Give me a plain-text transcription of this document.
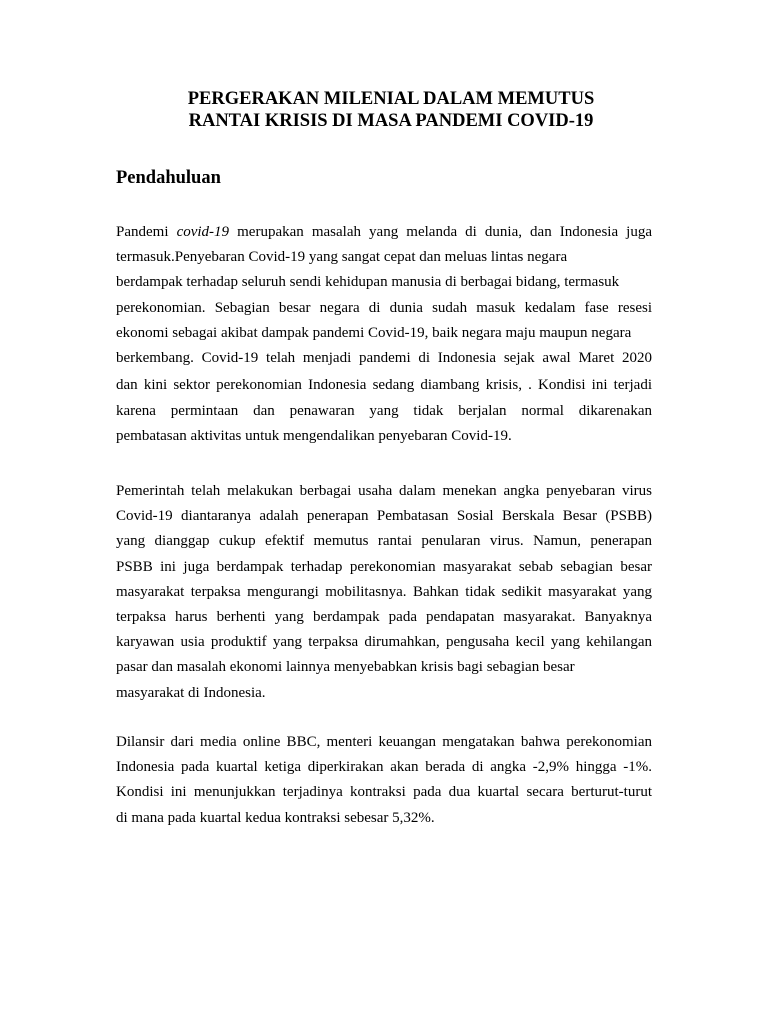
PERGERAKAN MILENIAL DALAM MEMUTUS
RANTAI KRISIS DI MASA PANDEMI COVID-19
Pendahuluan
Pandemi covid-19 merupakan masalah yang melanda di dunia, dan Indonesia juga
termasuk.Penyebaran Covid-19 yang sangat cepat dan meluas lintas negara
berdampak terhadap seluruh sendi kehidupan manusia di berbagai bidang, termasuk
perekonomian. Sebagian besar negara di dunia sudah masuk kedalam fase resesi
ekonomi sebagai akibat dampak pandemi Covid-19, baik negara maju maupun negara
berkembang. Covid-19 telah menjadi pandemi di Indonesia sejak awal Maret 2020
dan kini sektor perekonomian Indonesia sedang diambang krisis, . Kondisi ini terjadi
karena permintaan dan penawaran yang tidak berjalan normal dikarenakan
pembatasan aktivitas untuk mengendalikan penyebaran Covid-19.
Pemerintah telah melakukan berbagai usaha dalam menekan angka penyebaran virus
Covid-19 diantaranya adalah penerapan Pembatasan Sosial Berskala Besar (PSBB)
yang dianggap cukup efektif memutus rantai penularan virus. Namun, penerapan
PSBB ini juga berdampak terhadap perekonomian masyarakat sebab sebagian besar
masyarakat terpaksa mengurangi mobilitasnya. Bahkan tidak sedikit masyarakat yang
terpaksa harus berhenti yang berdampak pada pendapatan masyarakat. Banyaknya
karyawan usia produktif yang terpaksa dirumahkan, pengusaha kecil yang kehilangan
pasar dan masalah ekonomi lainnya menyebabkan krisis bagi sebagian besar
masyarakat di Indonesia.
Dilansir dari media online BBC, menteri keuangan mengatakan bahwa perekonomian
Indonesia pada kuartal ketiga diperkirakan akan berada di angka -2,9% hingga -1%.
Kondisi ini menunjukkan terjadinya kontraksi pada dua kuartal secara berturut-turut
di mana pada kuartal kedua kontraksi sebesar 5,32%.
